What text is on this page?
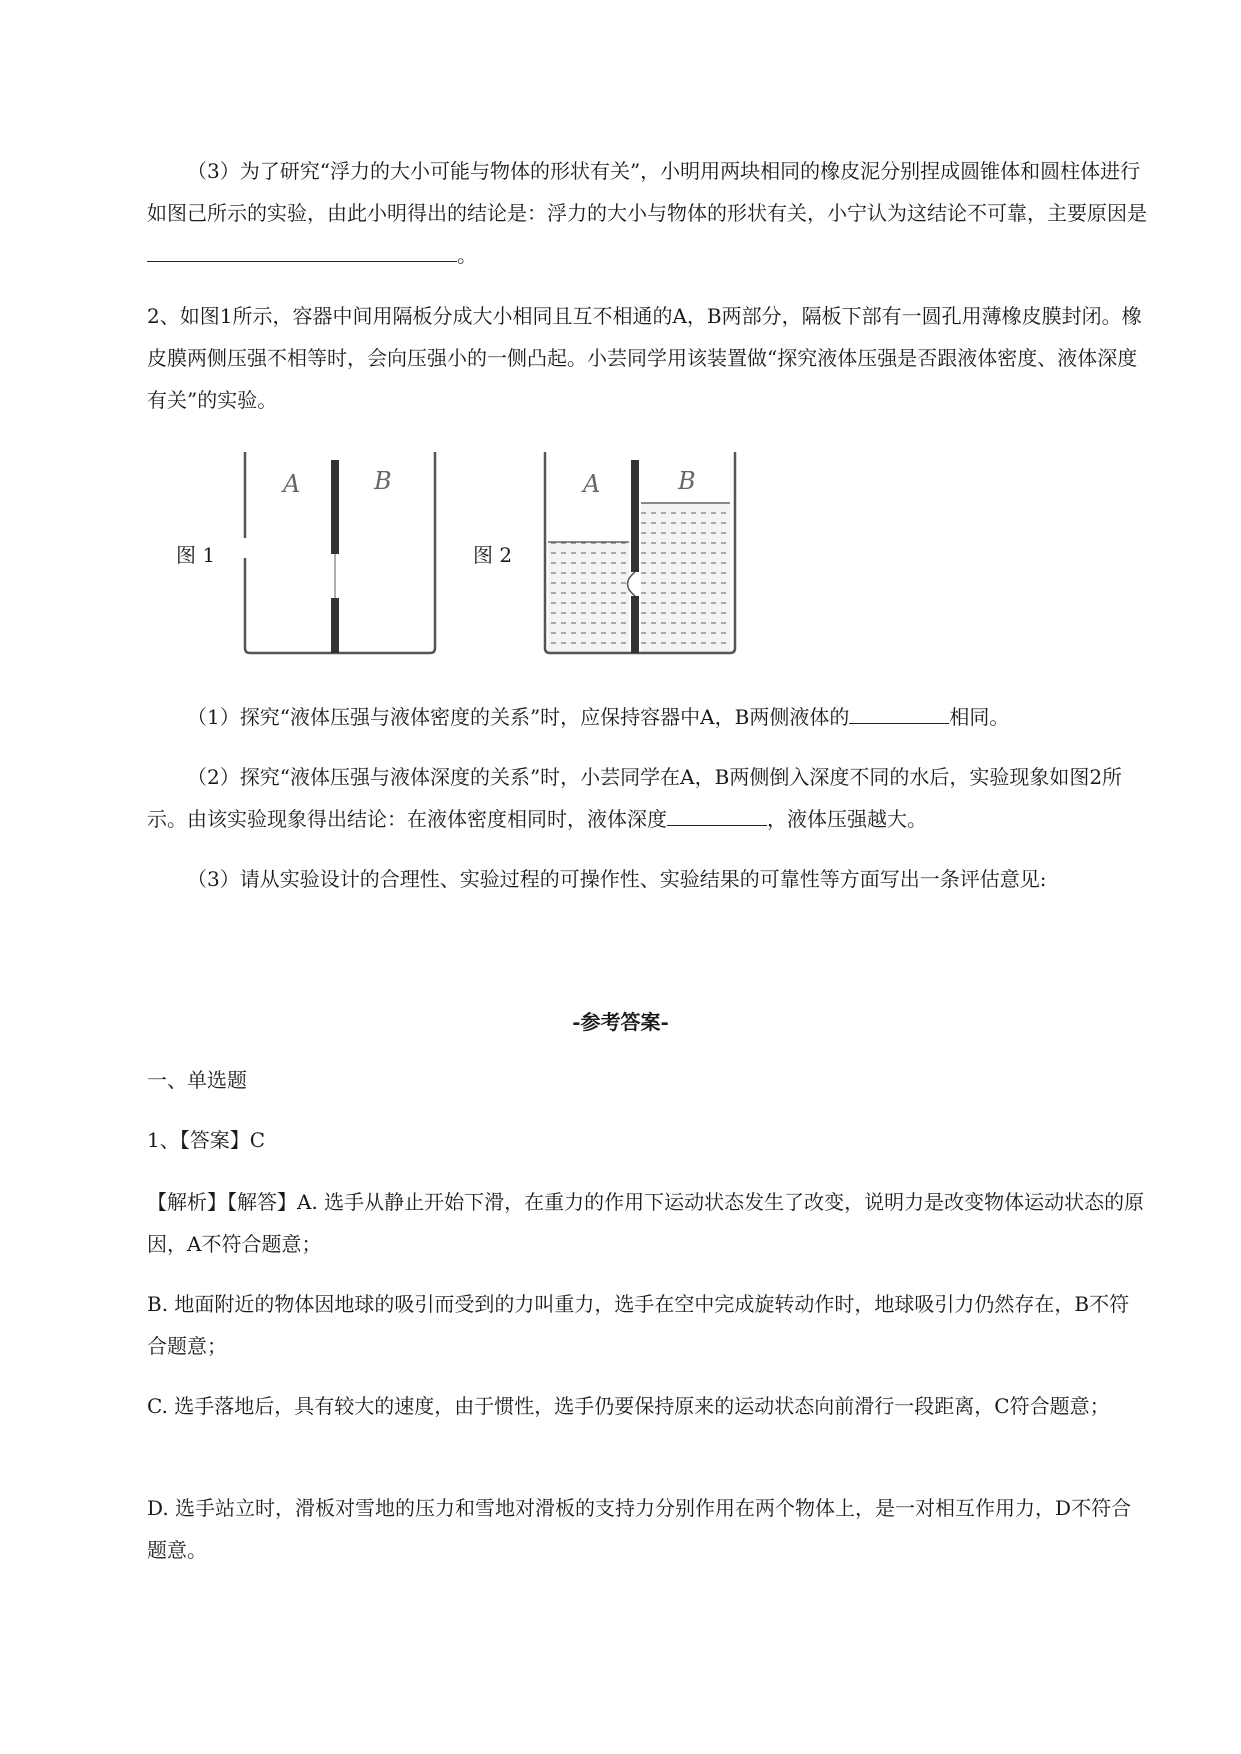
（3）为了研究“浮力的大小可能与物体的形状有关”，小明用两块相同的橡皮泥分别捏成圆锥体和圆柱体进行如图己所示的实验，由此小明得出的结论是：浮力的大小与物体的形状有关，小宁认为这结论不可靠，主要原因是。

2、如图1所示，容器中间用隔板分成大小相同且互不相通的A，B两部分，隔板下部有一圆孔用薄橡皮膜封闭。橡皮膜两侧压强不相等时，会向压强小的一侧凸起。小芸同学用该装置做“探究液体压强是否跟液体密度、液体深度有关”的实验。

图 1
A	B
图 2
A	B

（1）探究“液体压强与液体密度的关系”时，应保持容器中A，B两侧液体的	相同。

（2）探究“液体压强与液体深度的关系”时，小芸同学在A，B两侧倒入深度不同的水后，实验现象如图2所示。由该实验现象得出结论：在液体密度相同时，液体深度	，液体压强越大。

（3）请从实验设计的合理性、实验过程的可操作性、实验结果的可靠性等方面写出一条评估意见:

-参考答案-

一、单选题

1、【答案】C

【解析】【解答】A. 选手从静止开始下滑，在重力的作用下运动状态发生了改变，说明力是改变物体运动状态的原因，A不符合题意；

B. 地面附近的物体因地球的吸引而受到的力叫重力，选手在空中完成旋转动作时，地球吸引力仍然存在，B不符合题意；

C. 选手落地后，具有较大的速度，由于惯性，选手仍要保持原来的运动状态向前滑行一段距离，C符合题意；

D. 选手站立时，滑板对雪地的压力和雪地对滑板的支持力分别作用在两个物体上，是一对相互作用力，D不符合题意。
